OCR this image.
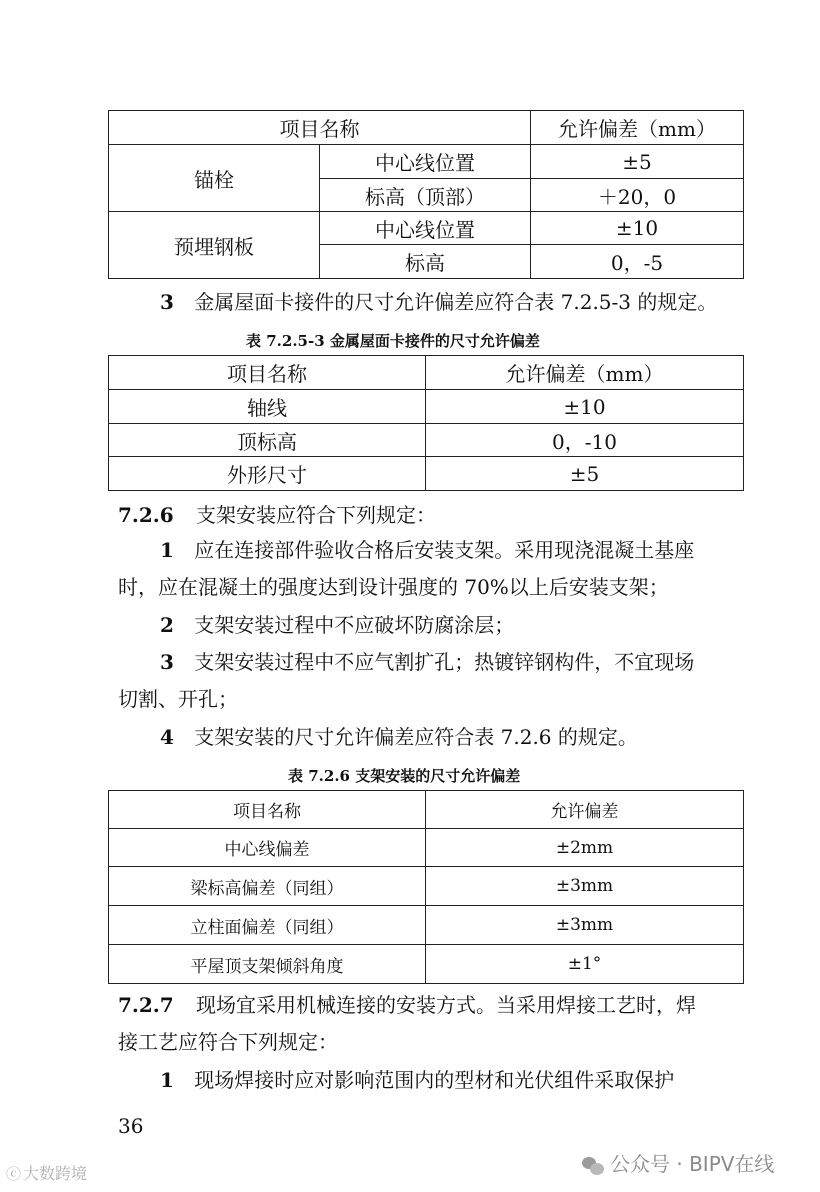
项目名称		允许偏差（mm）
锚栓	中心线位置	±5
	标高（顶部）	＋20，0
预埋钢板	中心线位置	±10
	标高	0，-5
3 金属屋面卡接件的尺寸允许偏差应符合表 7.2.5-3 的规定。
表 7.2.5-3 金属屋面卡接件的尺寸允许偏差
项目名称	允许偏差（mm）
轴线	±10
顶标高	0，-10
外形尺寸	±5
7.2.6 支架安装应符合下列规定：
1 应在连接部件验收合格后安装支架。采用现浇混凝土基座
时，应在混凝土的强度达到设计强度的 70%以上后安装支架；
2 支架安装过程中不应破坏防腐涂层；
3 支架安装过程中不应气割扩孔；热镀锌钢构件，不宜现场
切割、开孔；
4 支架安装的尺寸允许偏差应符合表 7.2.6 的规定。
表 7.2.6 支架安装的尺寸允许偏差
项目名称	允许偏差
中心线偏差	±2mm
梁标高偏差（同组）	±3mm
立柱面偏差（同组）	±3mm
平屋顶支架倾斜角度	±1°
7.2.7 现场宜采用机械连接的安装方式。当采用焊接工艺时，焊
接工艺应符合下列规定：
1 现场焊接时应对影响范围内的型材和光伏组件采取保护
36
ⓒ 大数跨境	公众号 · BIPV在线
